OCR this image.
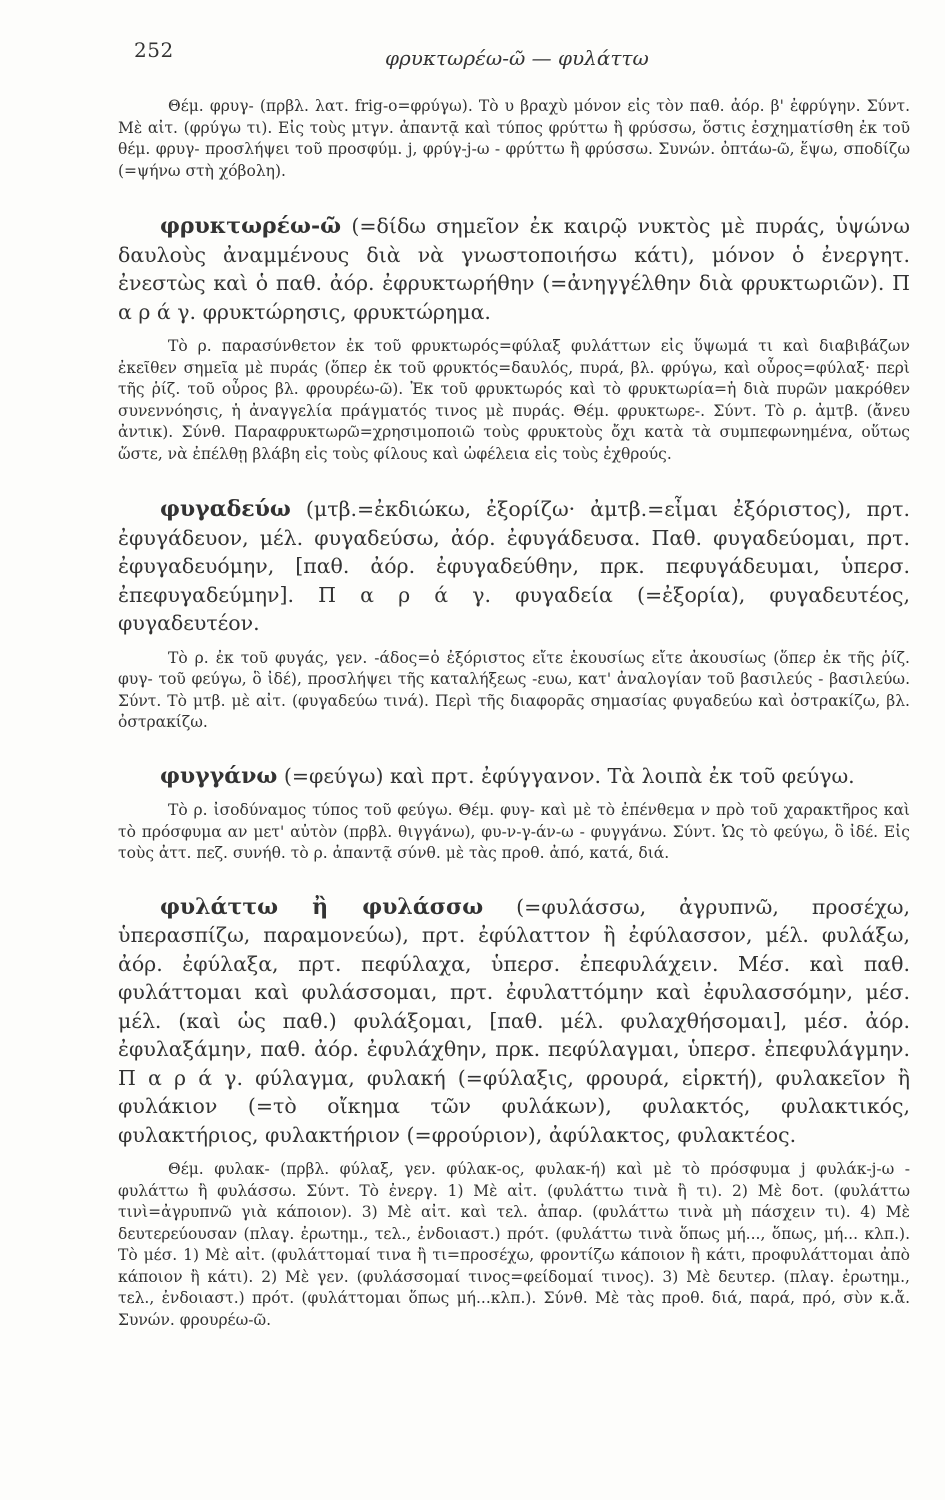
252	φρυκτωρέω-ῶ — φυλάττω

Θέμ. φρυγ- (πρβλ. λατ. frig-o=φρύγω). Τὸ υ βραχὺ μόνον εἰς τὸν παθ. ἀόρ. β' ἐφρύγην. Σύντ. Μὲ αἰτ. (φρύγω τι). Εἰς τοὺς μτγν. ἀπαντᾷ καὶ τύπος φρύττω ἢ φρύσσω, ὅστις ἐσχηματίσθη ἐκ τοῦ θέμ. φρυγ- προσλήψει τοῦ προσφύμ. j, φρύγ-j-ω - φρύττω ἢ φρύσσω. Συνών. ὀπτάω-ῶ, ἕψω, σποδίζω (=ψήνω στὴ χόβολη).

φρυκτωρέω-ῶ (=δίδω σημεῖον ἐκ καιρῷ νυκτὸς μὲ πυράς, ὑψώνω δαυλοὺς ἀναμμένους διὰ νὰ γνωστοποιήσω κάτι), μόνον ὁ ἐνεργητ. ἐνεστὼς καὶ ὁ παθ. ἀόρ. ἐφρυκτωρήθην (=ἀνηγγέλθην διὰ φρυκτωριῶν). Π α ρ ά γ. φρυκτώρησις, φρυκτώρημα.

Τὸ ρ. παρασύνθετον ἐκ τοῦ φρυκτωρός=φύλαξ φυλάττων εἰς ὕψωμά τι καὶ διαβιβάζων ἐκεῖθεν σημεῖα μὲ πυράς (ὅπερ ἐκ τοῦ φρυκτός=δαυλός, πυρά, βλ. φρύγω, καὶ οὖρος=φύλαξ· περὶ τῆς ῥίζ. τοῦ οὖρος βλ. φρουρέω-ῶ). Ἐκ τοῦ φρυκτωρός καὶ τὸ φρυκτωρία=ἡ διὰ πυρῶν μακρόθεν συνεννόησις, ἡ ἀναγγελία πράγματός τινος μὲ πυράς. Θέμ. φρυκτωρε-. Σύντ. Τὸ ρ. ἀμτβ. (ἄνευ ἀντικ). Σύνθ. Παραφρυκτωρῶ=χρησιμοποιῶ τοὺς φρυκτοὺς ὄχι κατὰ τὰ συμπεφωνημένα, οὕτως ὥστε, νὰ ἐπέλθῃ βλάβη εἰς τοὺς φίλους καὶ ὠφέλεια εἰς τοὺς ἐχθρούς.

φυγαδεύω (μτβ.=ἐκδιώκω, ἐξορίζω· ἀμτβ.=εἶμαι ἐξόριστος), πρτ. ἐφυγάδευον, μέλ. φυγαδεύσω, ἀόρ. ἐφυγάδευσα. Παθ. φυγαδεύομαι, πρτ. ἐφυγαδευόμην, [παθ. ἀόρ. ἐφυγαδεύθην, πρκ. πεφυγάδευμαι, ὑπερσ. ἐπεφυγαδεύμην]. Π α ρ ά γ. φυγαδεία (=ἐξορία), φυγαδευτέος, φυγαδευτέον.

Τὸ ρ. ἐκ τοῦ φυγάς, γεν. -άδος=ὁ ἐξόριστος εἴτε ἑκουσίως εἴτε ἀκουσίως (ὅπερ ἐκ τῆς ῥίζ. φυγ- τοῦ φεύγω, ὃ ἰδέ), προσλήψει τῆς καταλήξεως -ευω, κατ' ἀναλογίαν τοῦ βασιλεύς - βασιλεύω. Σύντ. Τὸ μτβ. μὲ αἰτ. (φυγαδεύω τινά). Περὶ τῆς διαφορᾶς σημασίας φυγαδεύω καὶ ὀστρακίζω, βλ. ὀστρακίζω.

φυγγάνω (=φεύγω) καὶ πρτ. ἐφύγγανον. Τὰ λοιπὰ ἐκ τοῦ φεύγω.

Τὸ ρ. ἰσοδύναμος τύπος τοῦ φεύγω. Θέμ. φυγ- καὶ μὲ τὸ ἐπένθεμα ν πρὸ τοῦ χαρακτῆρος καὶ τὸ πρόσφυμα αν μετ' αὐτὸν (πρβλ. θιγγάνω), φυ-ν-γ-άν-ω - φυγγάνω. Σύντ. Ὡς τὸ φεύγω, ὃ ἰδέ. Εἰς τοὺς ἀττ. πεζ. συνήθ. τὸ ρ. ἀπαντᾷ σύνθ. μὲ τὰς προθ. ἀπό, κατά, διά.

φυλάττω ἢ φυλάσσω (=φυλάσσω, ἀγρυπνῶ, προσέχω, ὑπερασπίζω, παραμονεύω), πρτ. ἐφύλαττον ἢ ἐφύλασσον, μέλ. φυλάξω, ἀόρ. ἐφύλαξα, πρτ. πεφύλαχα, ὑπερσ. ἐπεφυλάχειν. Μέσ. καὶ παθ. φυλάττομαι καὶ φυλάσσομαι, πρτ. ἐφυλαττόμην καὶ ἐφυλασσόμην, μέσ. μέλ. (καὶ ὡς παθ.) φυλάξομαι, [παθ. μέλ. φυλαχθήσομαι], μέσ. ἀόρ. ἐφυλαξάμην, παθ. ἀόρ. ἐφυλάχθην, πρκ. πεφύλαγμαι, ὑπερσ. ἐπεφυλάγμην. Π α ρ ά γ. φύλαγμα, φυλακή (=φύλαξις, φρουρά, εἱρκτή), φυλακεῖον ἢ φυλάκιον (=τὸ οἴκημα τῶν φυλάκων), φυλακτός, φυλακτικός, φυλακτήριος, φυλακτήριον (=φρούριον), ἀφύλακτος, φυλακτέος.

Θέμ. φυλακ- (πρβλ. φύλαξ, γεν. φύλακ-ος, φυλακ-ή) καὶ μὲ τὸ πρόσφυμα j φυλάκ-j-ω - φυλάττω ἢ φυλάσσω. Σύντ. Τὸ ἐνεργ. 1) Μὲ αἰτ. (φυλάττω τινὰ ἢ τι). 2) Μὲ δοτ. (φυλάττω τινὶ=ἀγρυπνῶ γιὰ κάποιον). 3) Μὲ αἰτ. καὶ τελ. ἀπαρ. (φυλάττω τινὰ μὴ πάσχειν τι). 4) Μὲ δευτερεύουσαν (πλαγ. ἐρωτημ., τελ., ἐνδοιαστ.) πρότ. (φυλάττω τινὰ ὅπως μή..., ὅπως, μή... κλπ.). Τὸ μέσ. 1) Μὲ αἰτ. (φυλάττομαί τινα ἢ τι=προσέχω, φροντίζω κάποιον ἢ κάτι, προφυλάττομαι ἀπὸ κάποιον ἢ κάτι). 2) Μὲ γεν. (φυλάσσομαί τινος=φείδομαί τινος). 3) Μὲ δευτερ. (πλαγ. ἐρωτημ., τελ., ἐνδοιαστ.) πρότ. (φυλάττομαι ὅπως μή...κλπ.). Σύνθ. Μὲ τὰς προθ. διά, παρά, πρό, σὺν κ.ἄ. Συνών. φρουρέω-ῶ.
